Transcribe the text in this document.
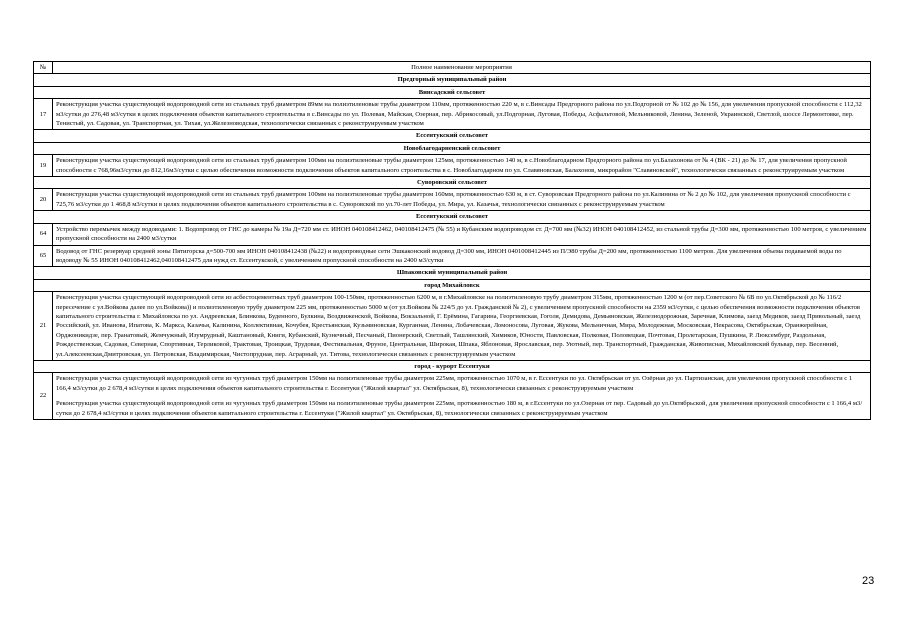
№	Полное наименование мероприятия
Предгорный муниципальный район	
Винсадский сельсовет	
17	Реконструкция участка существующей водопроводной сети из стальных труб диаметром 89мм на полиэтиленовые трубы диаметром 110мм, протяженностью 220 м, в с.Винсады Предгорного района по ул.Подгорной от № 102 до № 156, для увеличения пропускной способности с 112,32 м3/сутки до 276,48 м3/сутки в целях подключения объектов капитального строительства в с.Винсады по ул. Полевая, Майская, Озерная, пер. Абрикосовый, ул.Подгорная, Луговая, Победы, Асфальтовой, Мельниковой, Ленина, Зеленой, Украинской, Светлой, шоссе Лермонтовке, пер. Тенистый, ул. Садовая, ул. Транспортная, ул. Тихая, ул.Железноводская, технологически связанных с реконструируемым участком
Ессентукский сельсовет	
Новоблагодарненский сельсовет	
19	Реконструкция участка существующей водопроводной сети из стальных труб диаметром 100мм на полиэтиленовые трубы диаметром 125мм, протяженностью 140 м, в с.Новоблагодарном Предгорного района по ул.Балахонова от № 4 (ВК - 21) до № 17, для увеличения пропускной способности с 768,96м3/сутки до 812,16м3/сутки с целью обеспечения возможности подключения объектов капитального строительства в с. Новоблагодарном по ул. Славяновская, Балахонов, микрорайон "Славяновской", технологически связанных с реконструируемым участком
Суворовский сельсовет	
20	Реконструкция участка существующей водопроводной сети из стальных труб диаметром 100мм на полиэтиленовые трубы диаметром 160мм, протяженностью 630 м, в ст. Суворовская Предгорного района по ул.Калинина от № 2 до № 102, для увеличения пропускной способности с 725,76 м3/сутки до 1 468,8 м3/сутки в целях подключения объектов капитального строительства в с. Суворовской по ул.70-лет Победы, ул. Мира, ул. Казачья, технологически связанных с реконструируемым участком
Ессентукский сельсовет	
64	Устройство перемычек между водоводами: 1. Водопровод от ГНС до камеры № 19а Д=720 мм ст. ИНОН 040108412462, 040108412475 (№ 55) и Кубанским водопроводом ст. Д=700 мм (№32) ИНОН 040108412452, из стальной трубы Д=300 мм, протяженностью 100 метров, с увеличением пропускной способности на 2400 м3/сутки
65	Водовод от ГНС резервуар средней зоны Пятигорска д=500-700 мм ИНОН 040108412438 (№22) и водопроводные сети Эшкаконский водовод Д=300 мм, ИНОН 0401008412445 из П/Э80 трубы Д=200 мм, протяженностью 1100 метров. Для увеличения объема подаваемой воды по водоводу № 55 ИНОН 040108412462,040108412475 для нужд ст. Ессентукской, с увеличением пропускной способности на 2400 м3/сутки
Шпаковский муниципальный район	
город Михайловск	
21	Реконструкция участка существующей водопроводной сети из асбестоцементных труб диаметром 100-150мм, протяженностью 6200 м, в г.Михайловске на полиэтиленовую трубу диаметром 315мм, протяженностью 1200 м (от пер.Советского № 6В по ул.Октябрьской до № 116/2 пересечение с ул.Войкова далее по ул.Войкова)) и полиэтиленовую трубу диаметром 225 мм, протяженностью 5000 м (от ул.Войкова № 224/5 до ул. Гражданской № 2), с увеличением пропускной способности на 2359 м3/сутки, с целью обеспечения возможности подключения объектов капитального строительства г. Михайловска по ул. Андреевская, Блинкова, Буденного, Булкина, Воздвиженской, Войкова, Вокзальной, Г. Ерёмина, Гагарина, Георгиевская, Гоголя, Демидова, Демьяновская, Железнодорожная, Заречная, Климова, заезд Медиков, заезд Привольный, заезд Российский, ул. Иванова, Ипатова, К. Маркса, Казачья, Калинина, Коллективная, Кочубея, Крестьянская, Кузьминовская, Курганная, Ленина, Лобачевская, Ломоносова, Луговая, Жукова, Мельничная, Мира, Молодежная, Московская, Некрасова, Октябрьская, Оранжерейная, Орджоникидзе, пер. Гранатовый, Жемчужный, Изумрудный, Каштановый, Книги, Кубанский, Кузнечный, Песчаный, Пионерский, Светлый, Ташлянский, Химиков, Юности, Павловская, Полковая, Половецкая, Почтовая, Пролетарская, Пушкина, Р. Люксембург, Раздольная, Рождественская, Садовая, Северная, Спортивная, Терликовой, Трактовая, Троицкая, Трудовая, Фестивальная, Фрунзе, Центральная, Широкая, Шпака, Яблоновая, Ярославская, пер. Уютный, пер. Транспортный, Гражданская, Живописная, Михайловский бульвар, пер. Весенний, ул.Алексеевская,Дмитровская, ул. Петровская, Владимирская, Чистопрудная, пер. Аграрный, ул. Титова, технологически связанных с реконструируемым участком
город - курорт Ессентуки	
22	Реконструкция участка существующей водопроводной сети из чугунных труб диаметром 150мм на полиэтиленовые трубы диаметром 225мм, протяженностью 1070 м, в г. Ессентуки по ул. Октябрьская от ул. Озёрная до ул. Партизанская, для увеличения пропускной способности с 1 166,4 м3/сутки до 2 678,4 м3/сутки в целях подключения объектов капитального строительства г. Ессентуки ("Жилой квартал" ул. Октябрьская, 8), технологически связанных с реконструируемым участком
Реконструкция участка существующей водопроводной сети из чугунных труб диаметром 150мм на полиэтиленовые трубы диаметром 225мм, протяженностью 180 м, в г.Ессентуки по ул.Озерная от пер. Садовый до ул.Октябрьской, для увеличения пропускной способности с 1 166,4 м3/сутки до 2 678,4 м3/сутки в целях подключения объектов капитального строительства г. Ессентуки ("Жилой квартал" ул. Октябрьская, 8), технологически связанных с реконструируемым участком
23
